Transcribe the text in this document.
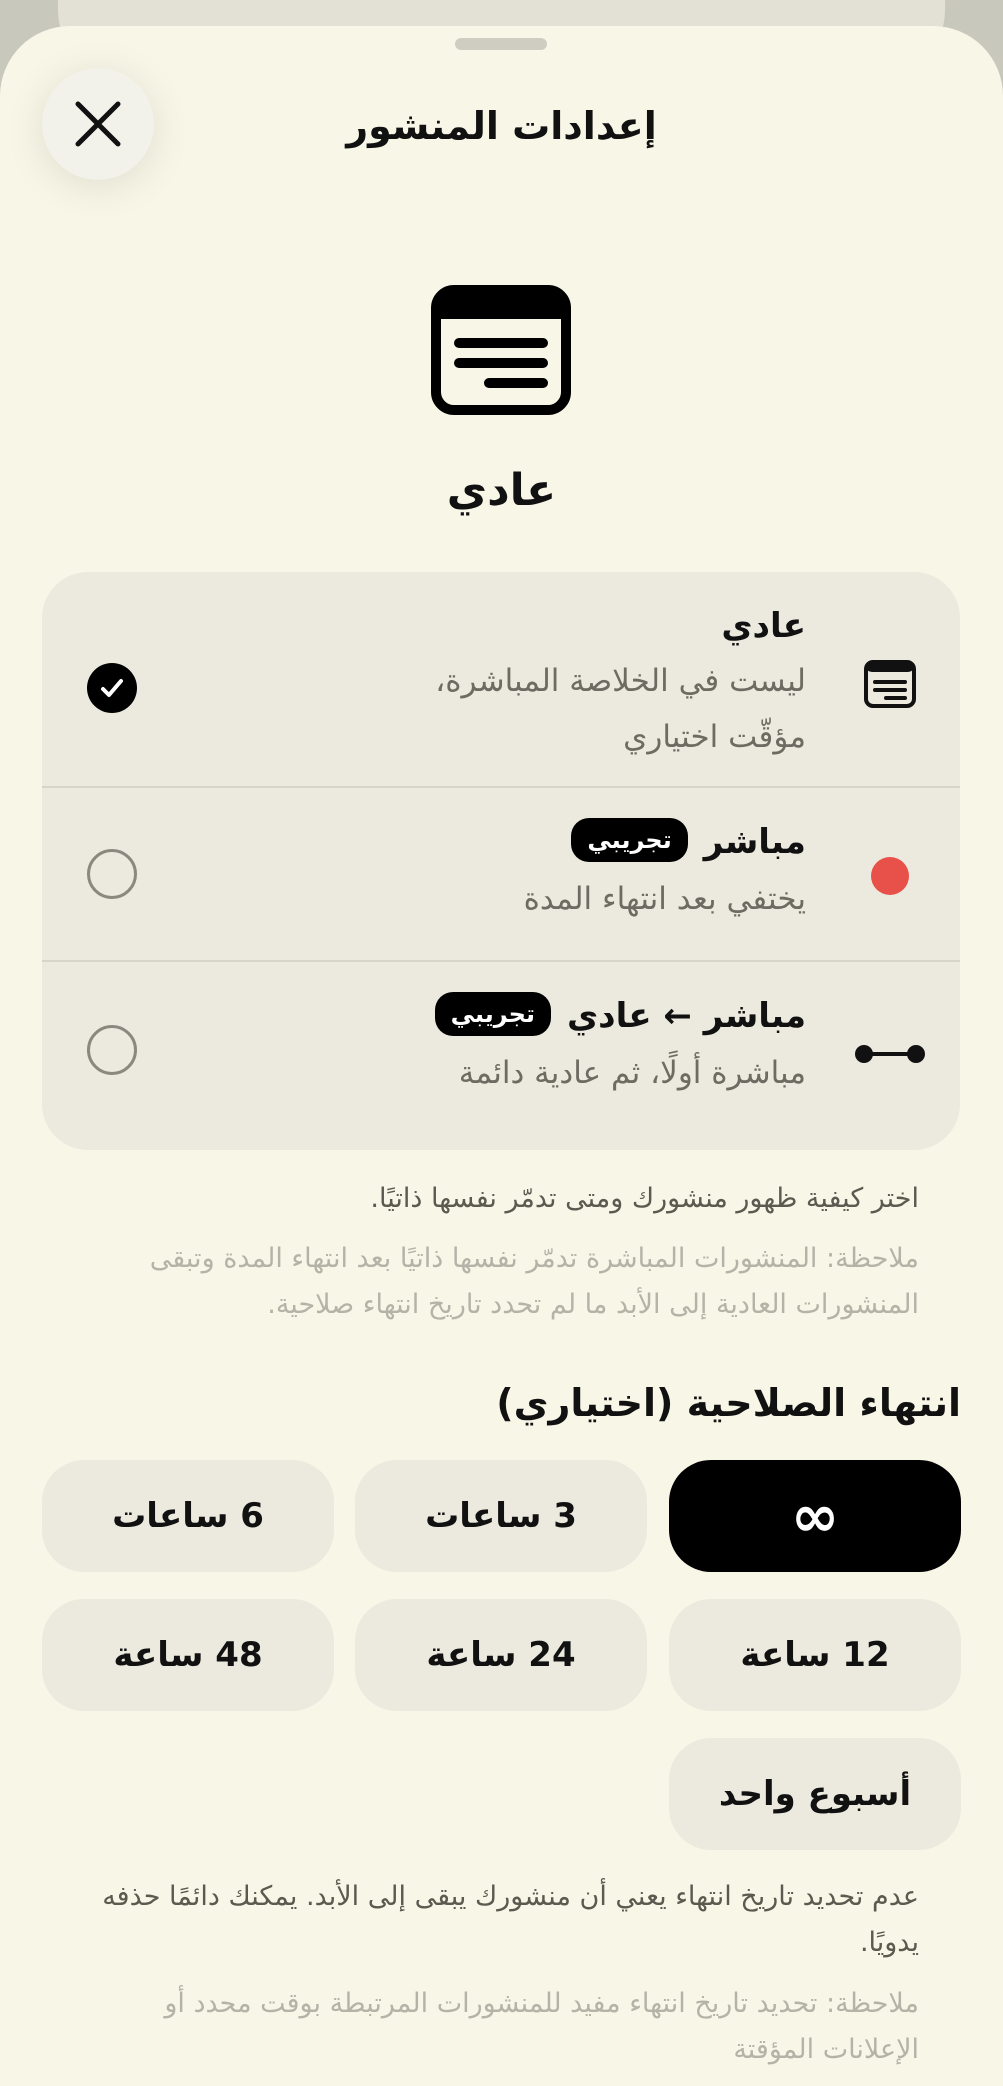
إعدادات المنشور
عادي
عادي
ليست في الخلاصة المباشرة،
مؤقّت اختياري
مباشرتجريبي
يختفي بعد انتهاء المدة
مباشر ← عاديتجريبي
مباشرة أولًا، ثم عادية دائمة
اختر كيفية ظهور منشورك ومتى تدمّر نفسها ذاتيًا.
ملاحظة: المنشورات المباشرة تدمّر نفسها ذاتيًا بعد انتهاء المدة وتبقى المنشورات العادية إلى الأبد ما لم تحدد تاريخ انتهاء صلاحية.
انتهاء الصلاحية (اختياري)
∞
3 ساعات
6 ساعات
12 ساعة
24 ساعة
48 ساعة
أسبوع واحد
عدم تحديد تاريخ انتهاء يعني أن منشورك يبقى إلى الأبد. يمكنك دائمًا حذفه يدويًا.
ملاحظة: تحديد تاريخ انتهاء مفيد للمنشورات المرتبطة بوقت محدد أو الإعلانات المؤقتة
